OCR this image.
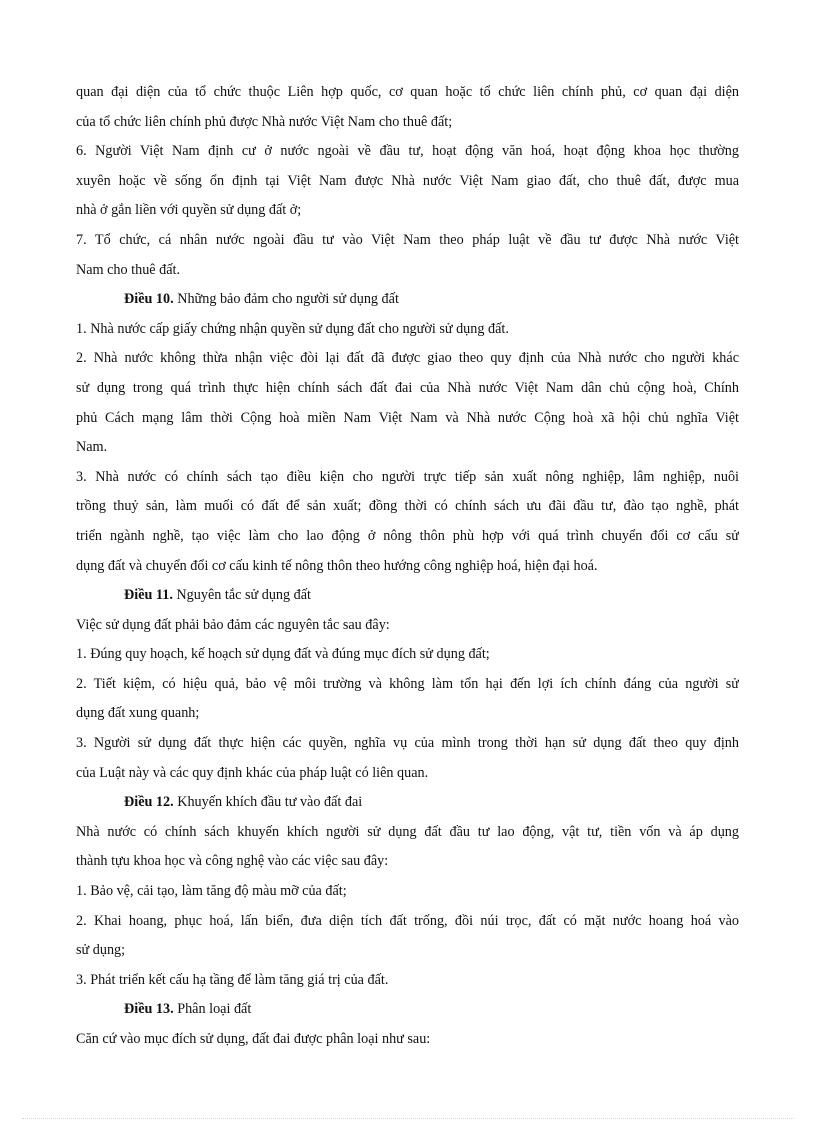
quan đại diện của tổ chức thuộc Liên hợp quốc, cơ quan hoặc tổ chức liên chính phủ, cơ quan đại diện
của tổ chức liên chính phủ được Nhà nước Việt Nam cho thuê đất;
6. Người Việt Nam định cư ở nước ngoài về đầu tư, hoạt động văn hoá, hoạt động khoa học thường
xuyên hoặc về sống ổn định tại Việt Nam được Nhà nước Việt Nam giao đất, cho thuê đất, được mua
nhà ở gắn liền với quyền sử dụng đất ở;
7. Tổ chức, cá nhân nước ngoài đầu tư vào Việt Nam theo pháp luật về đầu tư được Nhà nước Việt
Nam cho thuê đất.
Điều 10. Những bảo đảm cho người sử dụng đất
1. Nhà nước cấp giấy chứng nhận quyền sử dụng đất cho người sử dụng đất.
2. Nhà nước không thừa nhận việc đòi lại đất đã được giao theo quy định của Nhà nước cho người khác
sử dụng trong quá trình thực hiện chính sách đất đai của Nhà nước Việt Nam dân chủ cộng hoà, Chính
phủ Cách mạng lâm thời Cộng hoà miền Nam Việt Nam và Nhà nước Cộng hoà xã hội chủ nghĩa Việt
Nam.
3. Nhà nước có chính sách tạo điều kiện cho người trực tiếp sản xuất nông nghiệp, lâm nghiệp, nuôi
trồng thuỷ sản, làm muối có đất để sản xuất; đồng thời có chính sách ưu đãi đầu tư, đào tạo nghề, phát
triển ngành nghề, tạo việc làm cho lao động ở nông thôn phù hợp với quá trình chuyển đổi cơ cấu sử
dụng đất và chuyển đổi cơ cấu kinh tế nông thôn theo hướng công nghiệp hoá, hiện đại hoá.
Điều 11. Nguyên tắc sử dụng đất
Việc sử dụng đất phải bảo đảm các nguyên tắc sau đây:
1. Đúng quy hoạch, kế hoạch sử dụng đất và đúng mục đích sử dụng đất;
2. Tiết kiệm, có hiệu quả, bảo vệ môi trường và không làm tổn hại đến lợi ích chính đáng của người sử
dụng đất xung quanh;
3. Người sử dụng đất thực hiện các quyền, nghĩa vụ của mình trong thời hạn sử dụng đất theo quy định
của Luật này và các quy định khác của pháp luật có liên quan.
Điều 12. Khuyến khích đầu tư vào đất đai
Nhà nước có chính sách khuyến khích người sử dụng đất đầu tư lao động, vật tư, tiền vốn và áp dụng
thành tựu khoa học và công nghệ vào các việc sau đây:
1. Bảo vệ, cải tạo, làm tăng độ màu mỡ của đất;
2. Khai hoang, phục hoá, lấn biển, đưa diện tích đất trống, đồi núi trọc, đất có mặt nước hoang hoá vào
sử dụng;
3. Phát triển kết cấu hạ tầng để làm tăng giá trị của đất.
Điều 13. Phân loại đất
Căn cứ vào mục đích sử dụng, đất đai được phân loại như sau:
